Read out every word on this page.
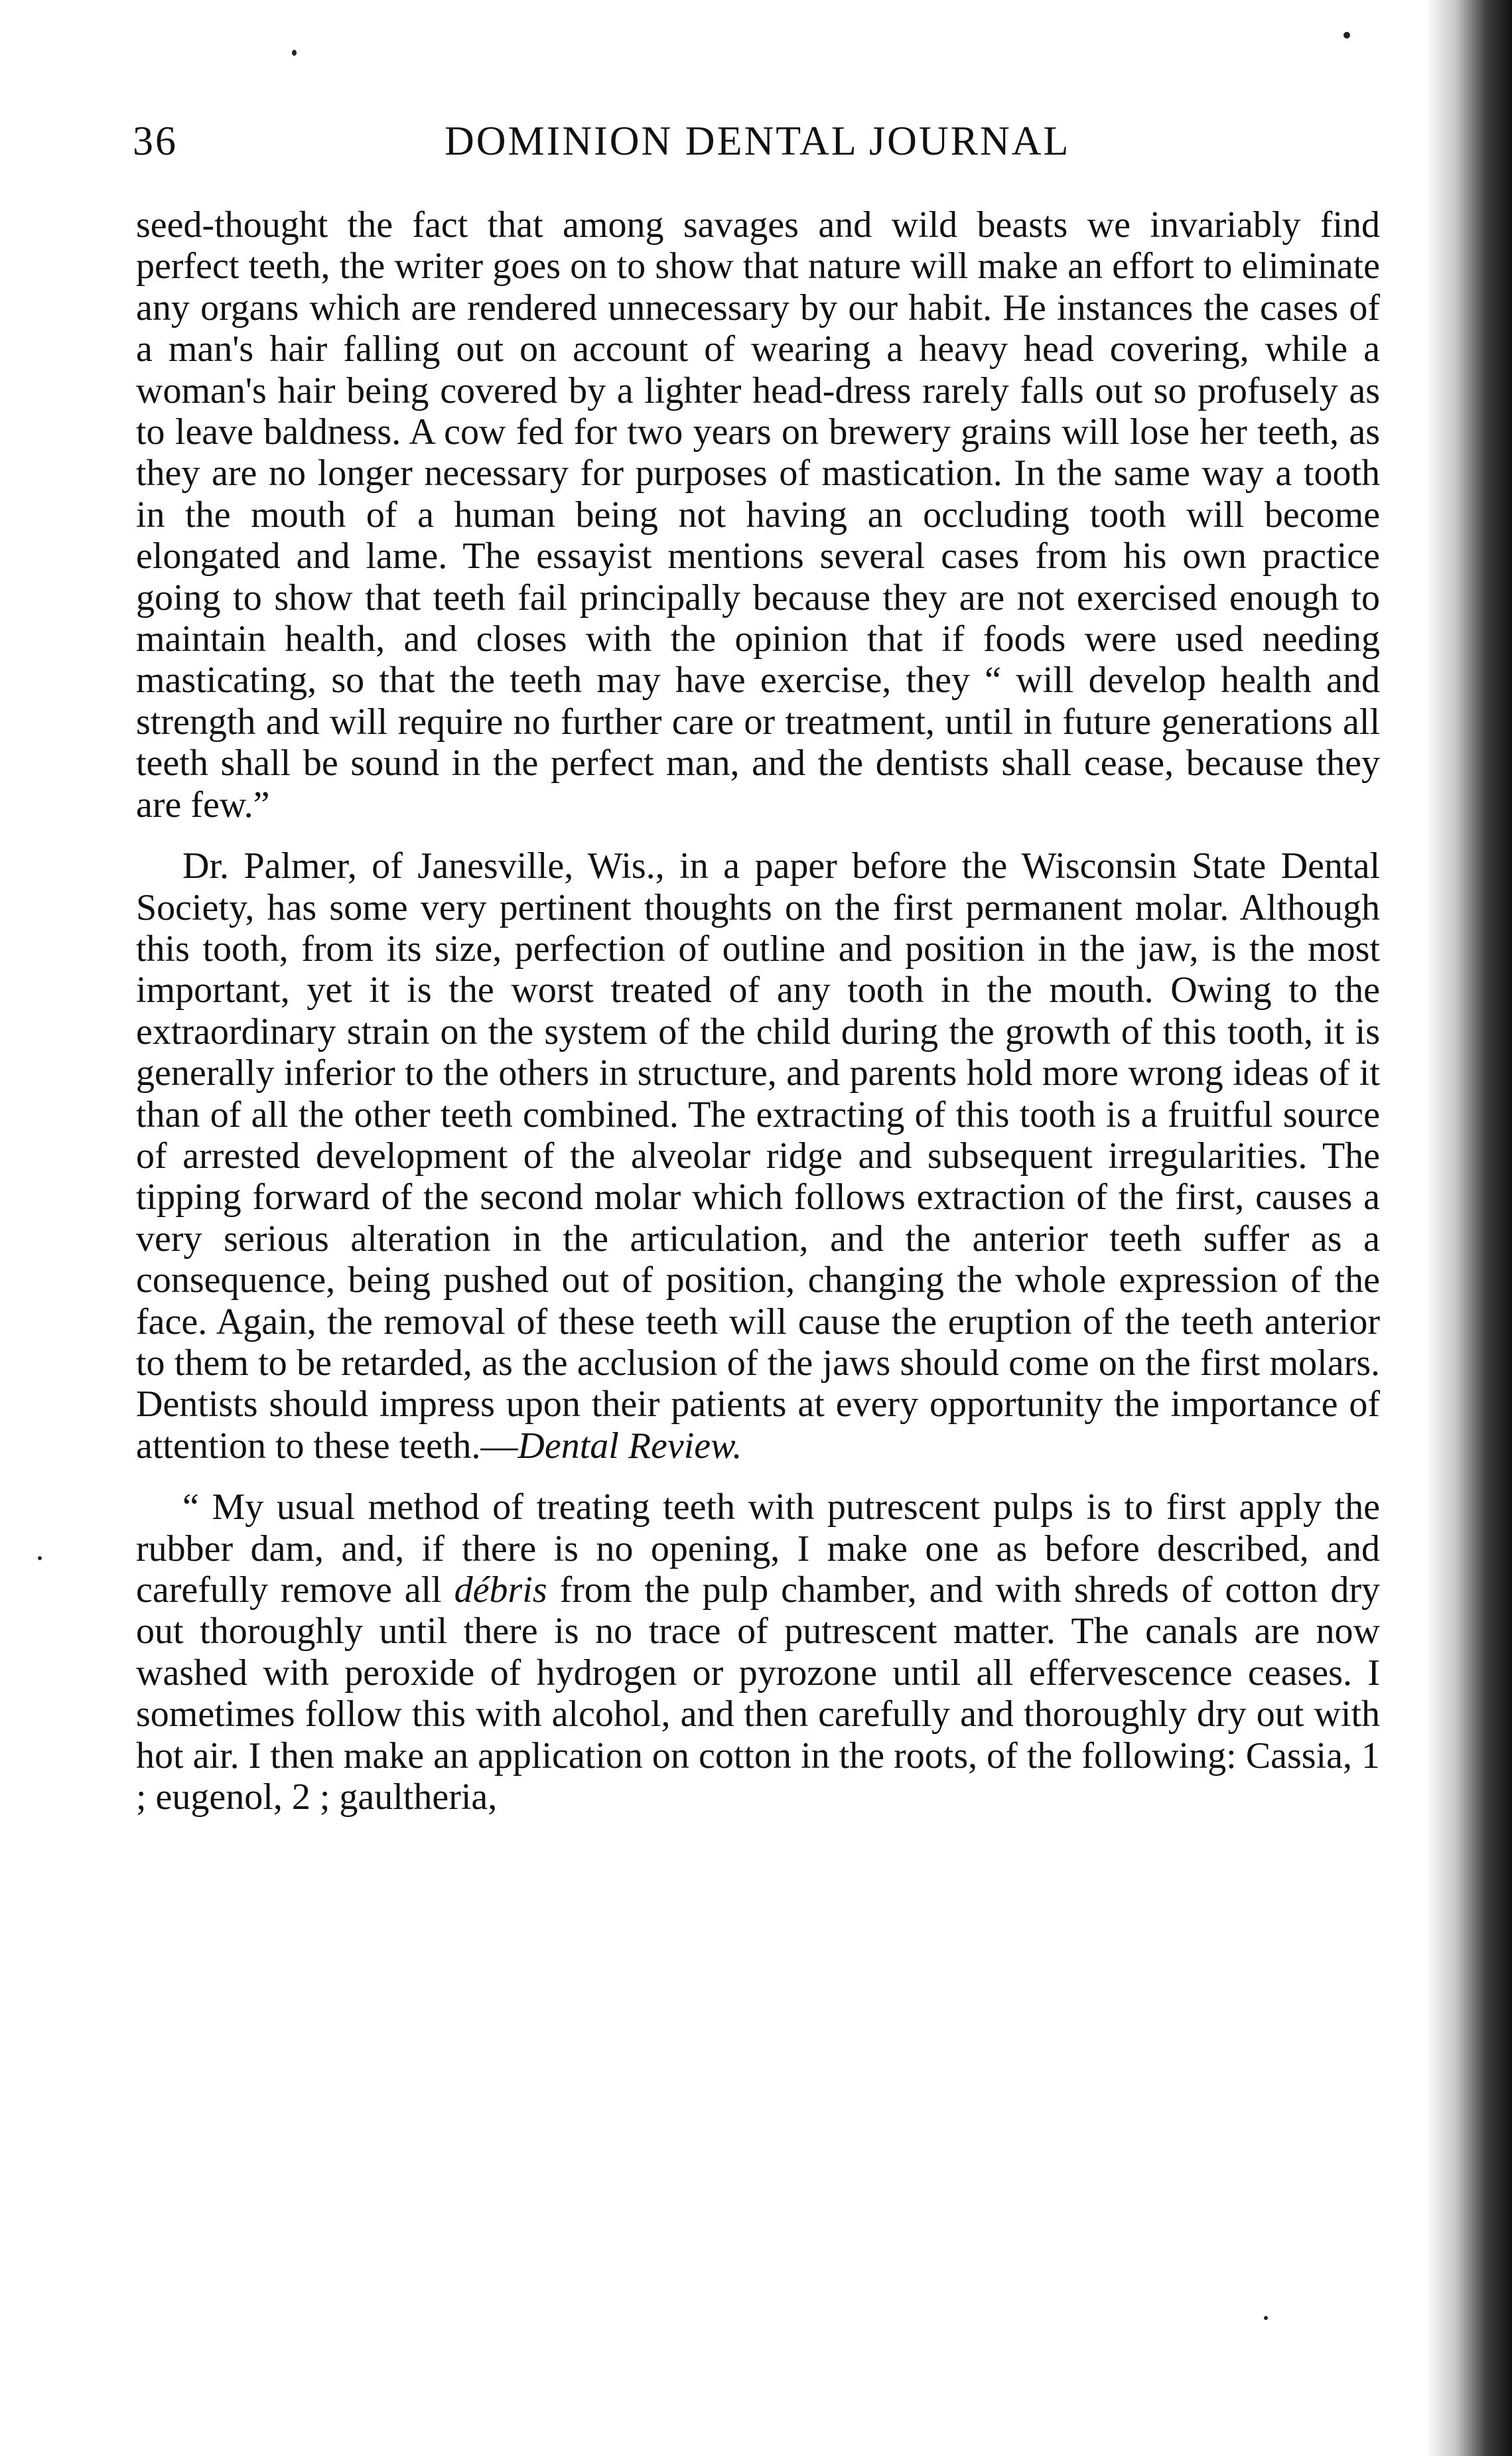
36	DOMINION DENTAL JOURNAL

seed-thought the fact that among savages and wild beasts we invariably find perfect teeth, the writer goes on to show that nature will make an effort to eliminate any organs which are rendered unnecessary by our habit. He instances the cases of a man's hair falling out on account of wearing a heavy head covering, while a woman's hair being covered by a lighter head-dress rarely falls out so profusely as to leave baldness. A cow fed for two years on brewery grains will lose her teeth, as they are no longer necessary for purposes of mastication. In the same way a tooth in the mouth of a human being not having an occluding tooth will become elongated and lame. The essayist mentions several cases from his own practice going to show that teeth fail principally because they are not exercised enough to maintain health, and closes with the opinion that if foods were used needing masticating, so that the teeth may have exercise, they “ will develop health and strength and will require no further care or treatment, until in future generations all teeth shall be sound in the perfect man, and the dentists shall cease, because they are few.”

Dr. Palmer, of Janesville, Wis., in a paper before the Wisconsin State Dental Society, has some very pertinent thoughts on the first permanent molar. Although this tooth, from its size, perfection of outline and position in the jaw, is the most important, yet it is the worst treated of any tooth in the mouth. Owing to the extraordinary strain on the system of the child during the growth of this tooth, it is generally inferior to the others in structure, and parents hold more wrong ideas of it than of all the other teeth combined. The extracting of this tooth is a fruitful source of arrested development of the alveolar ridge and subsequent irregularities. The tipping forward of the second molar which follows extraction of the first, causes a very serious alteration in the articulation, and the anterior teeth suffer as a consequence, being pushed out of position, changing the whole expression of the face. Again, the removal of these teeth will cause the eruption of the teeth anterior to them to be retarded, as the acclusion of the jaws should come on the first molars. Dentists should impress upon their patients at every opportunity the importance of attention to these teeth.—Dental Review.

“ My usual method of treating teeth with putrescent pulps is to first apply the rubber dam, and, if there is no opening, I make one as before described, and carefully remove all débris from the pulp chamber, and with shreds of cotton dry out thoroughly until there is no trace of putrescent matter. The canals are now washed with peroxide of hydrogen or pyrozone until all effervescence ceases. I sometimes follow this with alcohol, and then carefully and thoroughly dry out with hot air. I then make an application on cotton in the roots, of the following: Cassia, 1 ; eugenol, 2 ; gaultheria,
